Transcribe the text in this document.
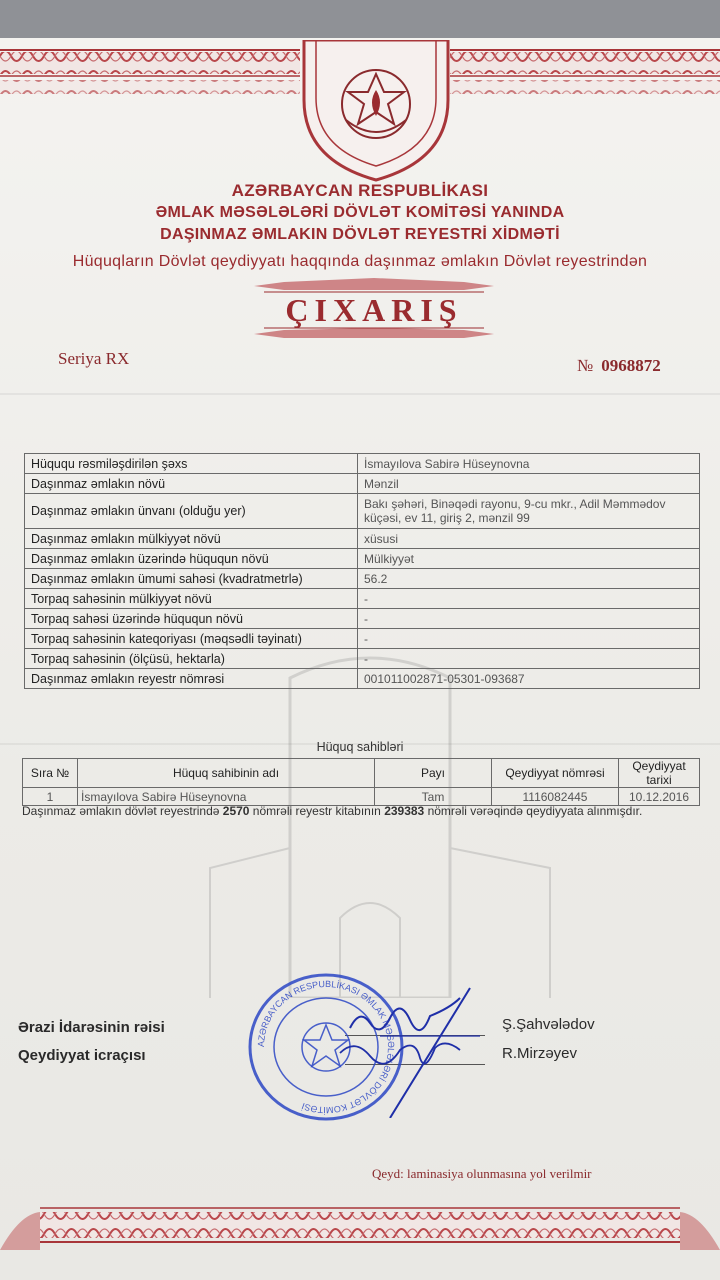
AZƏRBAYCAN RESPUBLİKASI
ƏMLAK MƏSƏLƏLƏRİ DÖVLƏT KOMİTƏSİ YANINDA
DAŞINMAZ ƏMLAKIN DÖVLƏT REYESTRİ XİDMƏTİ
Hüquqların Dövlət qeydiyyatı haqqında daşınmaz əmlakın Dövlət reyestrindən
ÇIXARIŞ
Seriya RX	№ 0968872
Hüququ rəsmiləşdirilən şəxs	İsmayılova Sabirə Hüseynovna
Daşınmaz əmlakın növü	Mənzil
Daşınmaz əmlakın ünvanı (olduğu yer)	Bakı şəhəri, Binəqədi rayonu, 9-cu mkr., Adil Məmmədov küçəsi, ev 11, giriş 2, mənzil 99
Daşınmaz əmlakın mülkiyyət növü	xüsusi
Daşınmaz əmlakın üzərində hüququn növü	Mülkiyyət
Daşınmaz əmlakın ümumi sahəsi (kvadratmetrlə)	56.2
Torpaq sahəsinin mülkiyyət növü	-
Torpaq sahəsi üzərində hüququn növü	-
Torpaq sahəsinin kateqoriyası (məqsədli təyinatı)	-
Torpaq sahəsinin (ölçüsü, hektarla)	-
Daşınmaz əmlakın reyestr nömrəsi	001011002871-05301-093687
Hüquq sahibləri
Sıra №	Hüquq sahibinin adı	Payı	Qeydiyyat nömrəsi	Qeydiyyat tarixi
1	İsmayılova Sabirə Hüseynovna	Tam	1116082445	10.12.2016
Daşınmaz əmlakın dövlət reyestrində 2570 nömrəli reyestr kitabının 239383 nömrəli vərəqində qeydiyyata alınmışdır.
Ərazi İdarəsinin rəisi
Qeydiyyat icraçısı
Ş.Şahvələdov
R.Mirzəyev
AZƏRBAYCAN RESPUBLİKASI ƏMLAK MƏSƏLƏLƏRİ DÖVLƏT KOMİTƏSİ
Qeyd: laminasiya olunmasına yol verilmir
